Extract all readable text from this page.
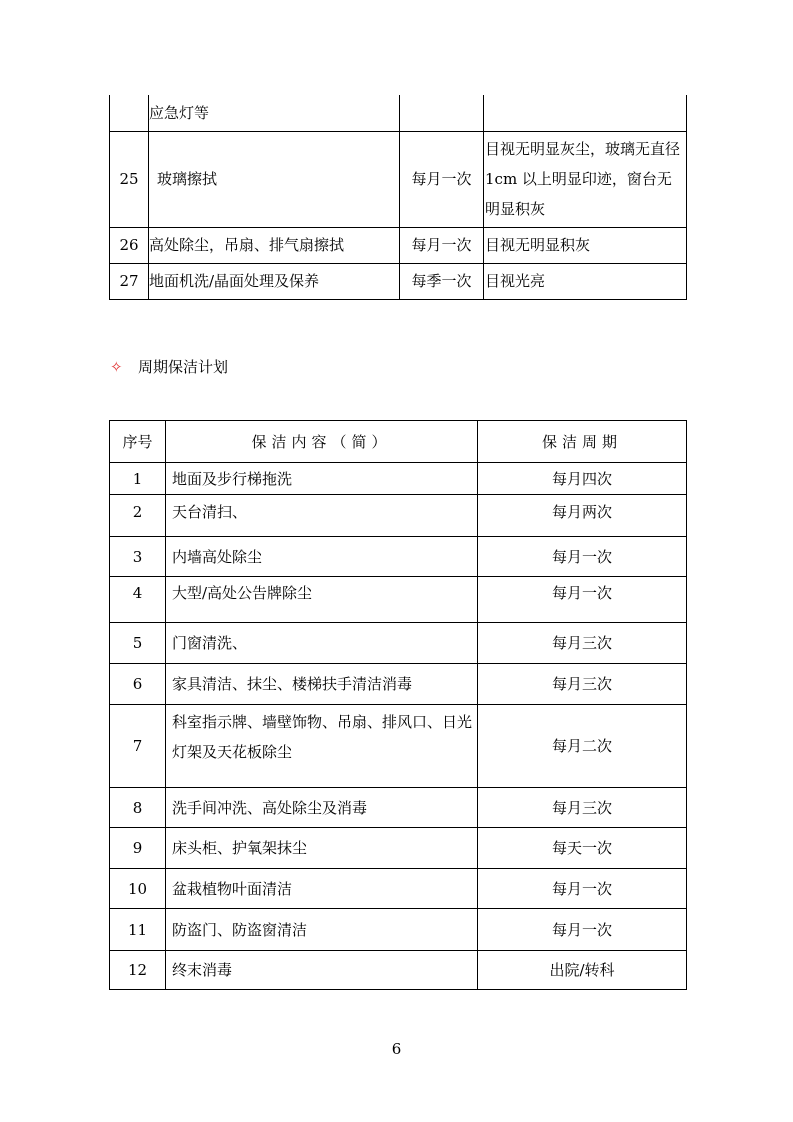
	应急灯等		
25	玻璃擦拭	每月一次	目视无明显灰尘，玻璃无直径1cm 以上明显印迹，窗台无明显积灰
26	高处除尘，吊扇、排气扇擦拭	每月一次	目视无明显积灰
27	地面机洗/晶面处理及保养	每季一次	目视光亮
✧ 周期保洁计划
序号	保洁内容（简）	保洁周期
1	地面及步行梯拖洗	每月四次
2	天台清扫、	每月两次
3	内墙高处除尘	每月一次
4	大型/高处公告牌除尘	每月一次
5	门窗清洗、	每月三次
6	家具清洁、抹尘、楼梯扶手清洁消毒	每月三次
7	科室指示牌、墙壁饰物、吊扇、排风口、日光灯架及天花板除尘	每月二次
8	洗手间冲洗、高处除尘及消毒	每月三次
9	床头柜、护氧架抹尘	每天一次
10	盆栽植物叶面清洁	每月一次
11	防盗门、防盗窗清洁	每月一次
12	终末消毒	出院/转科
6
